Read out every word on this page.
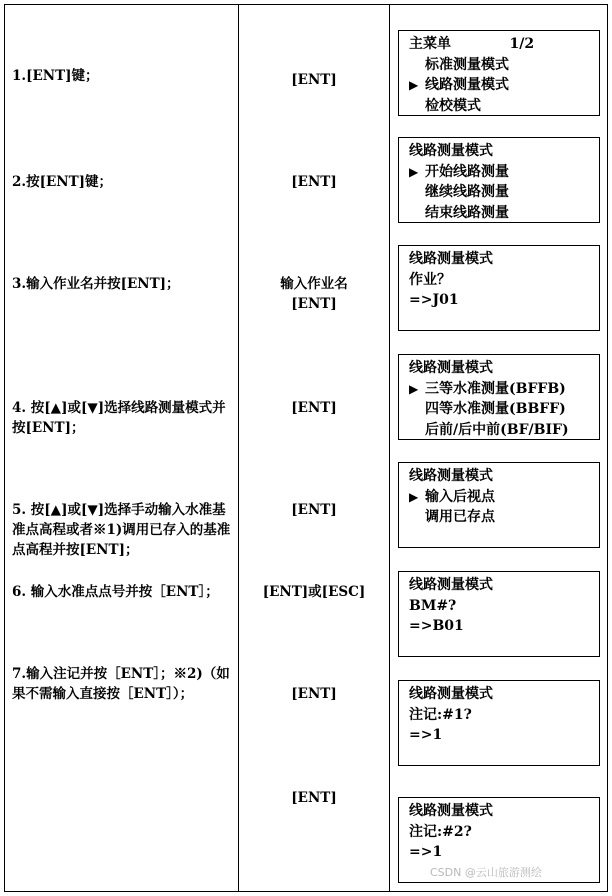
1.[ENT]键；
2.按[ENT]键；
3.输入作业名并按[ENT]；
4. 按[▲]或[▼]选择线路测量模式并按[ENT]；
5. 按[▲]或[▼]选择手动输入水准基准点高程或者※1)调用已存入的基准点高程并按[ENT]；
6. 输入水准点点号并按［ENT］；
7.输入注记并按［ENT］；※2)（如果不需输入直接按［ENT］）；
[ENT]
[ENT]
输入作业名
[ENT]
[ENT]
[ENT]
[ENT]或[ESC]
[ENT]
[ENT]
主菜单            1/2
标准测量模式
▶ 线路测量模式
检校模式
线路测量模式
▶ 开始线路测量
继续线路测量
结束线路测量
线路测量模式
作业？
=>J01
线路测量模式
▶ 三等水准测量(BFFB)
四等水准测量(BBFF)
后前/后中前(BF/BIF)
线路测量模式
▶ 输入后视点
调用已存点
线路测量模式
BM#?
=>B01
线路测量模式
注记:#1?
=>1
线路测量模式
注记:#2?
=>1
CSDN @云山旅游测绘
